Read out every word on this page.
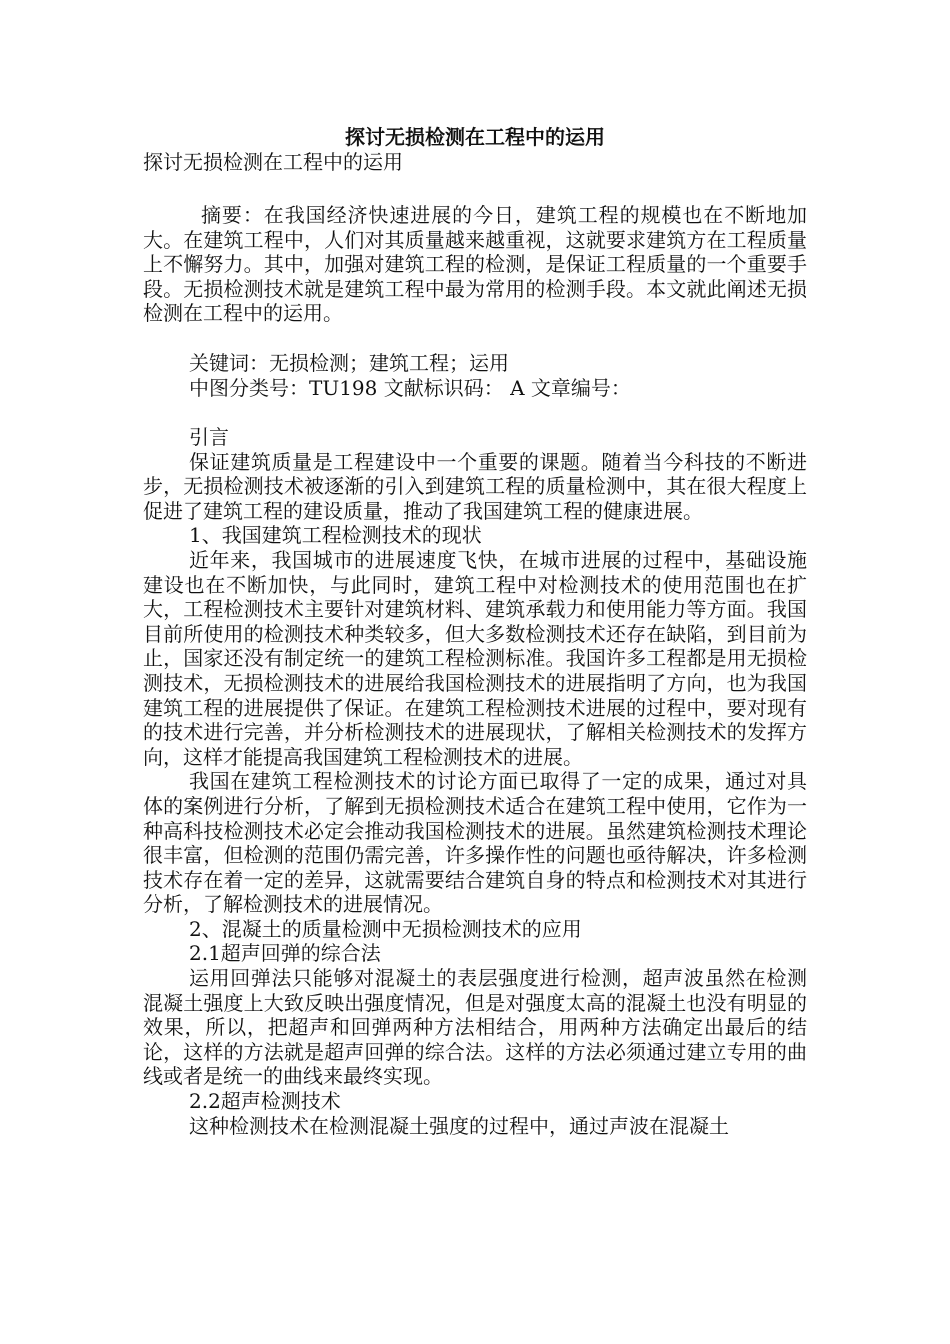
探讨无损检测在工程中的运用
探讨无损检测在工程中的运用

摘要：在我国经济快速进展的今日，建筑工程的规模也在不断地加大。在建筑工程中，人们对其质量越来越重视，这就要求建筑方在工程质量上不懈努力。其中，加强对建筑工程的检测，是保证工程质量的一个重要手段。无损检测技术就是建筑工程中最为常用的检测手段。本文就此阐述无损检测在工程中的运用。

关键词：无损检测；建筑工程；运用

中图分类号：TU198 文献标识码： A 文章编号：

引言

保证建筑质量是工程建设中一个重要的课题。随着当今科技的不断进步，无损检测技术被逐渐的引入到建筑工程的质量检测中，其在很大程度上促进了建筑工程的建设质量，推动了我国建筑工程的健康进展。

1、我国建筑工程检测技术的现状

近年来，我国城市的进展速度飞快，在城市进展的过程中，基础设施建设也在不断加快，与此同时，建筑工程中对检测技术的使用范围也在扩大，工程检测技术主要针对建筑材料、建筑承载力和使用能力等方面。我国目前所使用的检测技术种类较多，但大多数检测技术还存在缺陷，到目前为止，国家还没有制定统一的建筑工程检测标准。我国许多工程都是用无损检测技术，无损检测技术的进展给我国检测技术的进展指明了方向，也为我国建筑工程的进展提供了保证。在建筑工程检测技术进展的过程中，要对现有的技术进行完善，并分析检测技术的进展现状，了解相关检测技术的发挥方向，这样才能提高我国建筑工程检测技术的进展。

我国在建筑工程检测技术的讨论方面已取得了一定的成果，通过对具体的案例进行分析，了解到无损检测技术适合在建筑工程中使用，它作为一种高科技检测技术必定会推动我国检测技术的进展。虽然建筑检测技术理论很丰富，但检测的范围仍需完善，许多操作性的问题也亟待解决，许多检测技术存在着一定的差异，这就需要结合建筑自身的特点和检测技术对其进行分析，了解检测技术的进展情况。

2、混凝土的质量检测中无损检测技术的应用

2.1超声回弹的综合法

运用回弹法只能够对混凝土的表层强度进行检测，超声波虽然在检测混凝土强度上大致反映出强度情况，但是对强度太高的混凝土也没有明显的效果，所以，把超声和回弹两种方法相结合，用两种方法确定出最后的结论，这样的方法就是超声回弹的综合法。这样的方法必须通过建立专用的曲线或者是统一的曲线来最终实现。

2.2超声检测技术

这种检测技术在检测混凝土强度的过程中，通过声波在混凝土
